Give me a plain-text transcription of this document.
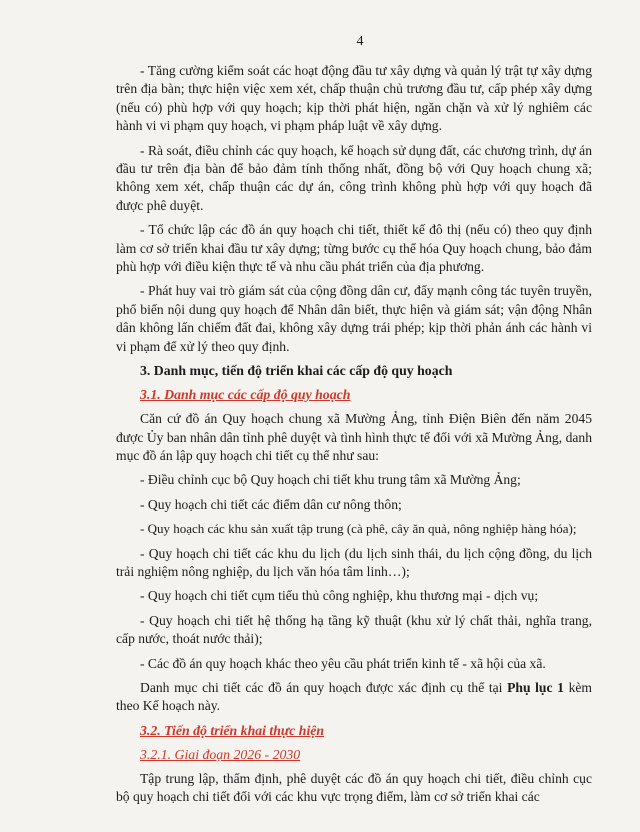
4

- Tăng cường kiểm soát các hoạt động đầu tư xây dựng và quản lý trật tự xây dựng trên địa bàn; thực hiện việc xem xét, chấp thuận chủ trương đầu tư, cấp phép xây dựng (nếu có) phù hợp với quy hoạch; kịp thời phát hiện, ngăn chặn và xử lý nghiêm các hành vi vi phạm quy hoạch, vi phạm pháp luật về xây dựng.

- Rà soát, điều chỉnh các quy hoạch, kế hoạch sử dụng đất, các chương trình, dự án đầu tư trên địa bàn để bảo đảm tính thống nhất, đồng bộ với Quy hoạch chung xã; không xem xét, chấp thuận các dự án, công trình không phù hợp với quy hoạch đã được phê duyệt.

- Tổ chức lập các đồ án quy hoạch chi tiết, thiết kế đô thị (nếu có) theo quy định làm cơ sở triển khai đầu tư xây dựng; từng bước cụ thể hóa Quy hoạch chung, bảo đảm phù hợp với điều kiện thực tế và nhu cầu phát triển của địa phương.

- Phát huy vai trò giám sát của cộng đồng dân cư, đẩy mạnh công tác tuyên truyền, phổ biến nội dung quy hoạch để Nhân dân biết, thực hiện và giám sát; vận động Nhân dân không lấn chiếm đất đai, không xây dựng trái phép; kịp thời phản ánh các hành vi vi phạm để xử lý theo quy định.

3. Danh mục, tiến độ triển khai các cấp độ quy hoạch
3.1. Danh mục các cấp độ quy hoạch

Căn cứ đồ án Quy hoạch chung xã Mường Ảng, tỉnh Điện Biên đến năm 2045 được Ủy ban nhân dân tỉnh phê duyệt và tình hình thực tế đối với xã Mường Ảng, danh mục đồ án lập quy hoạch chi tiết cụ thể như sau:

- Điều chỉnh cục bộ Quy hoạch chi tiết khu trung tâm xã Mường Ảng;

- Quy hoạch chi tiết các điểm dân cư nông thôn;

- Quy hoạch các khu sản xuất tập trung (cà phê, cây ăn quả, nông nghiệp hàng hóa);

- Quy hoạch chi tiết các khu du lịch (du lịch sinh thái, du lịch cộng đồng, du lịch trải nghiệm nông nghiệp, du lịch văn hóa tâm linh…);

- Quy hoạch chi tiết cụm tiểu thủ công nghiệp, khu thương mại - dịch vụ;

- Quy hoạch chi tiết hệ thống hạ tầng kỹ thuật (khu xử lý chất thải, nghĩa trang, cấp nước, thoát nước thải);

- Các đồ án quy hoạch khác theo yêu cầu phát triển kinh tế - xã hội của xã.

Danh mục chi tiết các đồ án quy hoạch được xác định cụ thể tại Phụ lục 1 kèm theo Kế hoạch này.

3.2. Tiến độ triển khai thực hiện
3.2.1. Giai đoạn 2026 - 2030

Tập trung lập, thẩm định, phê duyệt các đồ án quy hoạch chi tiết, điều chỉnh cục bộ quy hoạch chi tiết đối với các khu vực trọng điểm, làm cơ sở triển khai các
